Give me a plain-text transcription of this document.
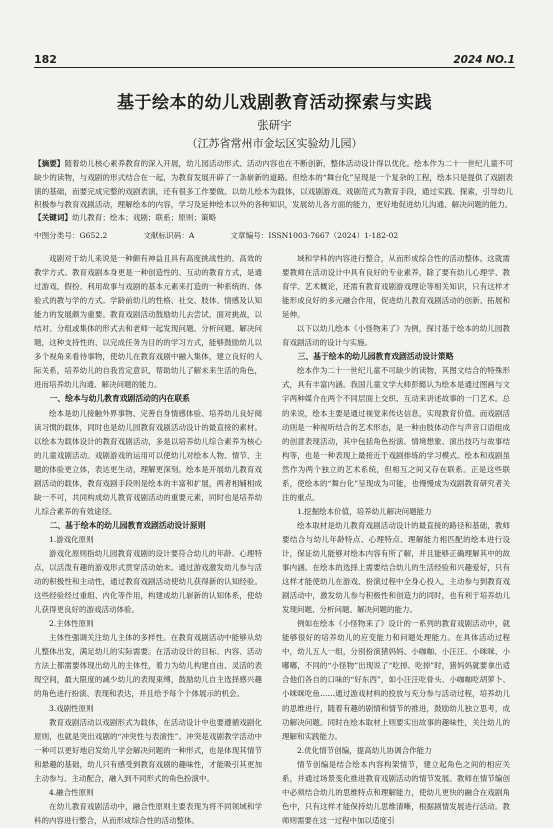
182	2024 NO.1
基于绘本的幼儿戏剧教育活动探索与实践
张研宇
（江苏省常州市金坛区实验幼儿园）
【摘要】随着幼儿核心素养教育的深入开展，幼儿园活动形式、活动内容也在不断创新，整体活动设计得以优化。绘本作为二十一世纪儿童不可缺少的读物，与戏剧的形式结合在一起，为教育发展开辟了一条崭新的道路。但绘本的“舞台化”呈现是一个复杂的工程，绘本只是提供了戏剧表演的基础，而要完成完整的戏剧表演，还有很多工作要做。以幼儿绘本为载体，以戏剧游戏、戏剧范式为教育手段，通过实践、探索，引导幼儿积极参与教育戏剧活动，理解绘本的内容，学习及延伸绘本以外的各种知识，发展幼儿各方面的能力，更好地促进幼儿沟通、解决问题的能力。
【关键词】幼儿教育；绘本；戏剧；联系；原则；策略
中图分类号：G652.2	文献标识码：A	文章编号：ISSN1003-7667（2024）1-182-02

戏剧对于幼儿来说是一种颇有神益且具有高度挑战性的、高效的教学方式。教育戏剧本身更是一种创造性的、互动的教育方式，是通过游戏、假扮、利用故事与戏剧的基本元素来打造的一种系统的、体验式的教与学的方式。学龄前幼儿的性格、社交、肢体、情感及认知能力的发展颇为重要。教育戏剧活动鼓励幼儿去尝试、面对挑战，以结对、分组或集体的形式去和老师一起发现问题、分析问题、解决问题，这种支持性的、以完成任务为目的的学习方式，能够鼓励幼儿以多个视角来看待事物，使幼儿在教育戏剧中融入集体，建立良好的人际关系，培养幼儿的自我肯定意识，帮助幼儿了解未来生活的角色，进而培养幼儿沟通、解决问题的能力。

一、绘本与幼儿教育戏剧活动的内在联系

绘本是幼儿接触外界事物、完善自身情感体验、培养幼儿良好阅读习惯的载体，同时也是幼儿园教育戏剧活动设计的最直接的素材。以绘本为载体设计的教育戏剧活动，多是以培养幼儿综合素养为核心的儿童戏剧活动。戏剧游戏的运用可以使幼儿对绘本人物、情节、主题的体验更立体，表达更生动，理解更深刻。绘本是开展幼儿教育戏剧活动的载体，教育戏剧手段则是绘本的丰富和扩展，两者相辅相成缺一不可，共同构成幼儿教育戏剧活动的重要元素，同时也是培养幼儿综合素养的有效途径。

二、基于绘本的幼儿园教育戏剧活动设计原则
1.游戏化原则

游戏化原则指幼儿园教育戏剧的设计要符合幼儿的年龄、心理特点，以活泼有趣的游戏形式贯穿活动始末。通过游戏激发幼儿参与活动的积极性和主动性，通过教育戏剧活动使幼儿获得新的认知经验。这些经验经过重组、内化等作用，构建成幼儿崭新的认知体系，使幼儿获得更良好的游戏活动体验。

2.主体性原则

主体性强调关注幼儿主体的多样性。在教育戏剧活动中能够从幼儿整体出发，满足幼儿的实际需要。在活动设计的目标、内容、活动方法上都需要体现出幼儿的主体性，着力为幼儿构建自由、灵活的表现空间，最大限度的减少幼儿的表现束缚，鼓励幼儿自主选择感兴趣的角色进行扮演、表现和表达，并且给予每个个体展示的机会。

3.戏剧性原则

教育戏剧活动以戏剧形式为载体，在活动设计中也要遵循戏剧化原则，也就是突出戏剧的“冲突性与表演性”。冲突是戏剧教学活动中一种可以更好地启发幼儿学会解决问题的一种形式，也是体现其情节和悬趣的基础，幼儿只有感受到教育戏剧的趣味性，才能吸引其更加主动参与、主动配合，融入到不同形式的角色扮演中。

4.融合性原则

在幼儿教育戏剧活动中，融合性原则主要表现为将不同领域和学科的内容进行整合，从而形成综合性的活动整体。

域和学科的内容进行整合，从而形成综合性的活动整体。这就需要教师在活动设计中具有良好的专业素养，除了要有幼儿心理学、教育学、艺术概论，还需有教育戏剧游戏理论等相关知识，只有这样才能形成良好的多元融合作用，促进幼儿教育戏剧活动的创新、拓展和延伸。

以下以幼儿绘本《小怪物来了》为例，探讨基于绘本的幼儿园教育戏剧活动的设计与实施。

三、基于绘本的幼儿园教育戏剧活动设计策略

绘本作为二十一世纪儿童不可缺少的读物，其图文结合的特殊形式，具有丰富内涵。我国儿童文学大师彭懿认为绘本是通过图画与文字两种媒介在两个不同层面上交织、互动来讲述故事的一门艺术。总的来说，绘本主要是通过视觉来传达信息，实现教育价值。而戏剧活动则是一种视听结合的艺术形态，是一种由肢体动作与声音口语组成的创意表现活动，其中包括角色扮演、情境想象、演出技巧与故事结构等，也是一种表现上最接近于戏剧排练的学习模式。绘本和戏剧虽然作为两个独立的艺术系统，但相互之间又存在联系。正是这些联系，使绘本的“舞台化”呈现成为可能，也慢慢成为戏剧教育研究者关注的重点。

1.挖掘绘本价值，培养幼儿解决问题能力

绘本取材是幼儿教育戏剧活动设计的最直接的路径和基础，教师要结合与幼儿年龄特点、心理特点、理解能力相匹配的绘本进行设计，保证幼儿能够对绘本内容有所了解，并且能够正确理解其中的故事内涵。在绘本的选择上需要结合幼儿的生活经验和兴趣爱好，只有这样才能使幼儿在游戏、扮演过程中全身心投入，主动参与到教育戏剧活动中，激发幼儿参与积极性和创造力的同时，也有利于培养幼儿发现问题、分析问题、解决问题的能力。

例如在绘本《小怪物来了》设计的一系列的教育戏剧活动中，就能够很好的培养幼儿的应变能力和问题处理能力。在具体活动过程中，幼儿五人一组，分别扮演猪妈妈、小咖咖、小汪汪、小咪咪、小嘟嘟，不同的“小怪物”出现说了“吃掉、吃掉”时，猪妈妈就要拿出适合他们各自的口味的“好东西”，如小汪汪吃骨头、小咖咖吃胡萝卜、小咪咪吃鱼……通过游戏材料的投放与充分参与活动过程，培养幼儿的思维进行，随着有趣的剧情和情节的推进，鼓励幼儿独立思考，成功解决问题。同时在绘本取材上则要实出故事的趣味性，关注幼儿的理解和实践能力。

2.优化情节创编，提高幼儿协调合作能力

情节创编是结合绘本内容构架情节，建立起角色之间的相应关系，并通过场景变化推进教育戏剧活动的情节发展。教师在情节编创中必须结合幼儿的思维特点和理解能力，使幼儿更快的融合在戏剧角色中，只有这样才能保持幼儿思维清晰，根据剧情发展进行活动。教师则需要在这一过程中加以适度引
